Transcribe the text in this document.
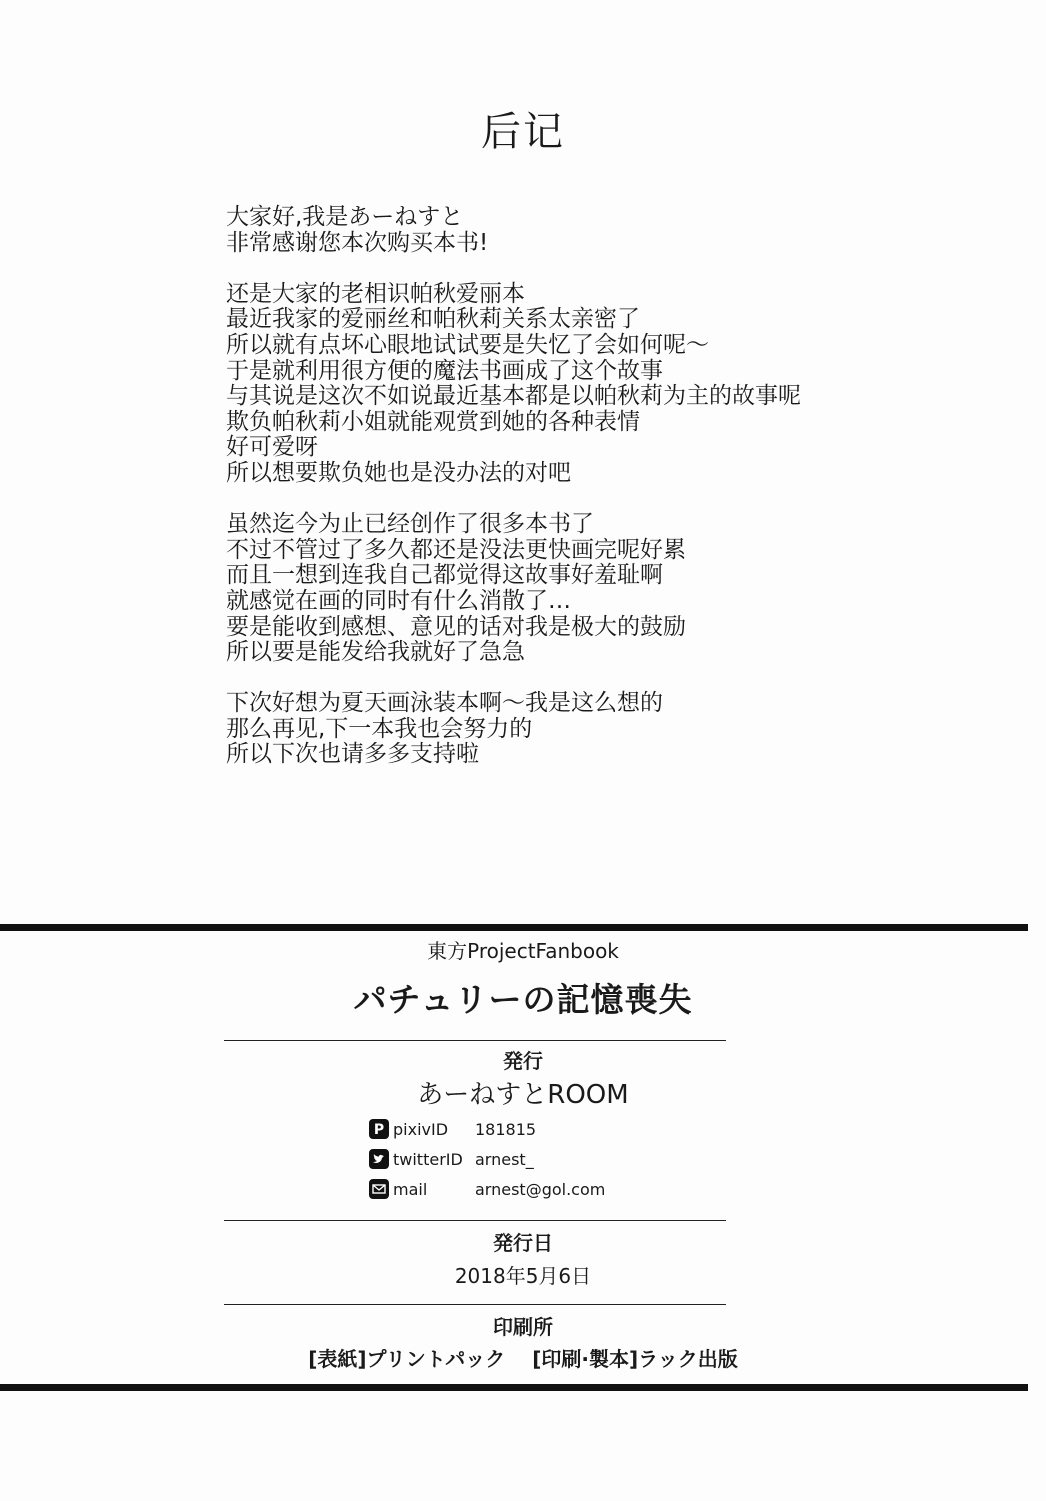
后记
大家好,我是あーねすと
非常感谢您本次购买本书!
还是大家的老相识帕秋爱丽本
最近我家的爱丽丝和帕秋莉关系太亲密了
所以就有点坏心眼地试试要是失忆了会如何呢～
于是就利用很方便的魔法书画成了这个故事
与其说是这次不如说最近基本都是以帕秋莉为主的故事呢
欺负帕秋莉小姐就能观赏到她的各种表情
好可爱呀
所以想要欺负她也是没办法的对吧
虽然迄今为止已经创作了很多本书了
不过不管过了多久都还是没法更快画完呢好累
而且一想到连我自己都觉得这故事好羞耻啊
就感觉在画的同时有什么消散了…
要是能收到感想、意见的话对我是极大的鼓励
所以要是能发给我就好了急急
下次好想为夏天画泳装本啊～我是这么想的
那么再见,下一本我也会努力的
所以下次也请多多支持啦
東方ProjectFanbook
パチュリーの記憶喪失
発行
あーねすとROOM
P pixivID	181815
twitterID arnest_
mail	arnest@gol.com
発行日
2018年5月6日
印刷所
[表紙]プリントパック [印刷·製本]ラック出版
